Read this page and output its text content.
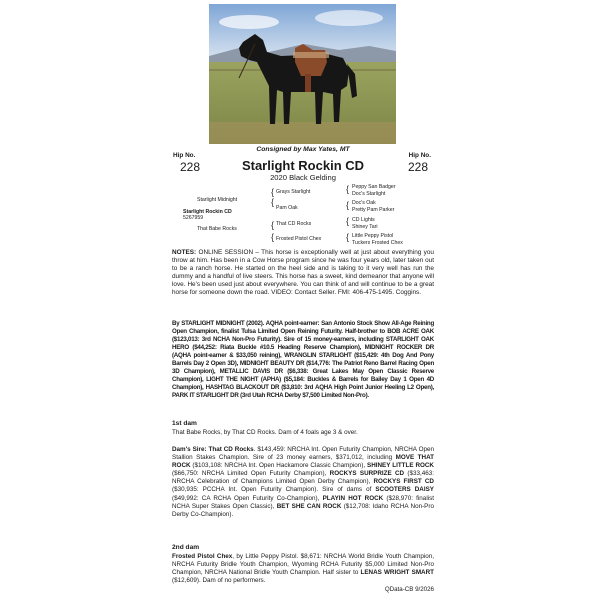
Consigned by Max Yates, MT
Hip No.
228
Hip No.
228
Starlight Rockin CD
2020 Black Gelding
Starlight Midnight
Starlight Rockin CD
5267959
That Babe Rocks
{
{
{
{
Grays Starlight
Pam Oak
That CD Rocks
Frosted Pistol Chex
{
{
{
{
Peppy San Badger
Doc's Starlight
Doc's Oak
Pretty Pam Parker
CD Lights
Shiney Tari
Little Peppy Pistol
Tuckers Frosted Chex

NOTES: ONLINE SESSION – This horse is exceptionally well at just about everything you throw at him. Has been in a Cow Horse program since he was four years old, later taken out to be a ranch horse. He started on the heel side and is taking to it very well has run the dummy and a handful of live steers. This horse has a sweet, kind demeanor that anyone will love. He's been used just about everywhere. You can think of and will continue to be a great horse for someone down the road. VIDEO: Contact Seller. FMI: 406-475-1495. Coggins.

By STARLIGHT MIDNIGHT (2002). AQHA point-earner: San Antonio Stock Show All-Age Reining Open Champion, finalist Tulsa Limited Open Reining Futurity. Half-brother to BOB ACRE OAK ($123,013: 3rd NCHA Non-Pro Futurity). Sire of 15 money-earners, including STARLIGHT OAK HERO ($44,252: Riata Buckle #10.5 Heading Reserve Champion), MIDNIGHT ROCKER DR (AQHA point-earner & $33,050 reining), WRANGLIN STARLIGHT ($15,429: 4th Dog And Pony Barrels Day 2 Open 3D), MIDNIGHT BEAUTY DR ($14,776: The Patriot Reno Barrel Racing Open 3D Champion), METALLIC DAVIS DR ($6,338: Great Lakes May Open Classic Reserve Champion), LIGHT THE NIGHT (APHA) ($5,184: Buckles & Barrels for Bailey Day 1 Open 4D Champion), HASHTAG BLACKOUT DR ($3,810: 3rd AQHA High Point Junior Heeling L2 Open), PARK IT STARLIGHT DR (3rd Utah RCHA Derby $7,500 Limited Non-Pro).

1st dam

That Babe Rocks, by That CD Rocks. Dam of 4 foals age 3 & over.

Dam's Sire: That CD Rocks. $143,459: NRCHA Int. Open Futurity Champion, NRCHA Open Stallion Stakes Champion. Sire of 23 money earners, $371,012, including MOVE THAT ROCK ($103,108: NRCHA Int. Open Hackamore Classic Champion), SHINEY LITTLE ROCK ($66,750: NRCHA Limited Open Futurity Champion), ROCKYS SURPRIZE CD ($33,463: NRCHA Celebration of Champions Limited Open Derby Champion), ROCKYS FIRST CD ($30,935: PCCHA Int. Open Futurity Champion). Sire of dams of SCOOTERS DAISY ($49,992: CA RCHA Open Futurity Co-Champion), PLAYIN HOT ROCK ($28,970: finalist NCHA Super Stakes Open Classic), BET SHE CAN ROCK ($12,708: Idaho RCHA Non-Pro Derby Co-Champion).

2nd dam

Frosted Pistol Chex, by Little Peppy Pistol. $8,671: NRCHA World Bridle Youth Champion, NRCHA Futurity Bridle Youth Champion, Wyoming RCHA Futurity $5,000 Limited Non-Pro Champion, NRCHA National Bridle Youth Champion. Half sister to LENAS WRIGHT SMART ($12,609). Dam of no performers.

QData-CB 9/2026
